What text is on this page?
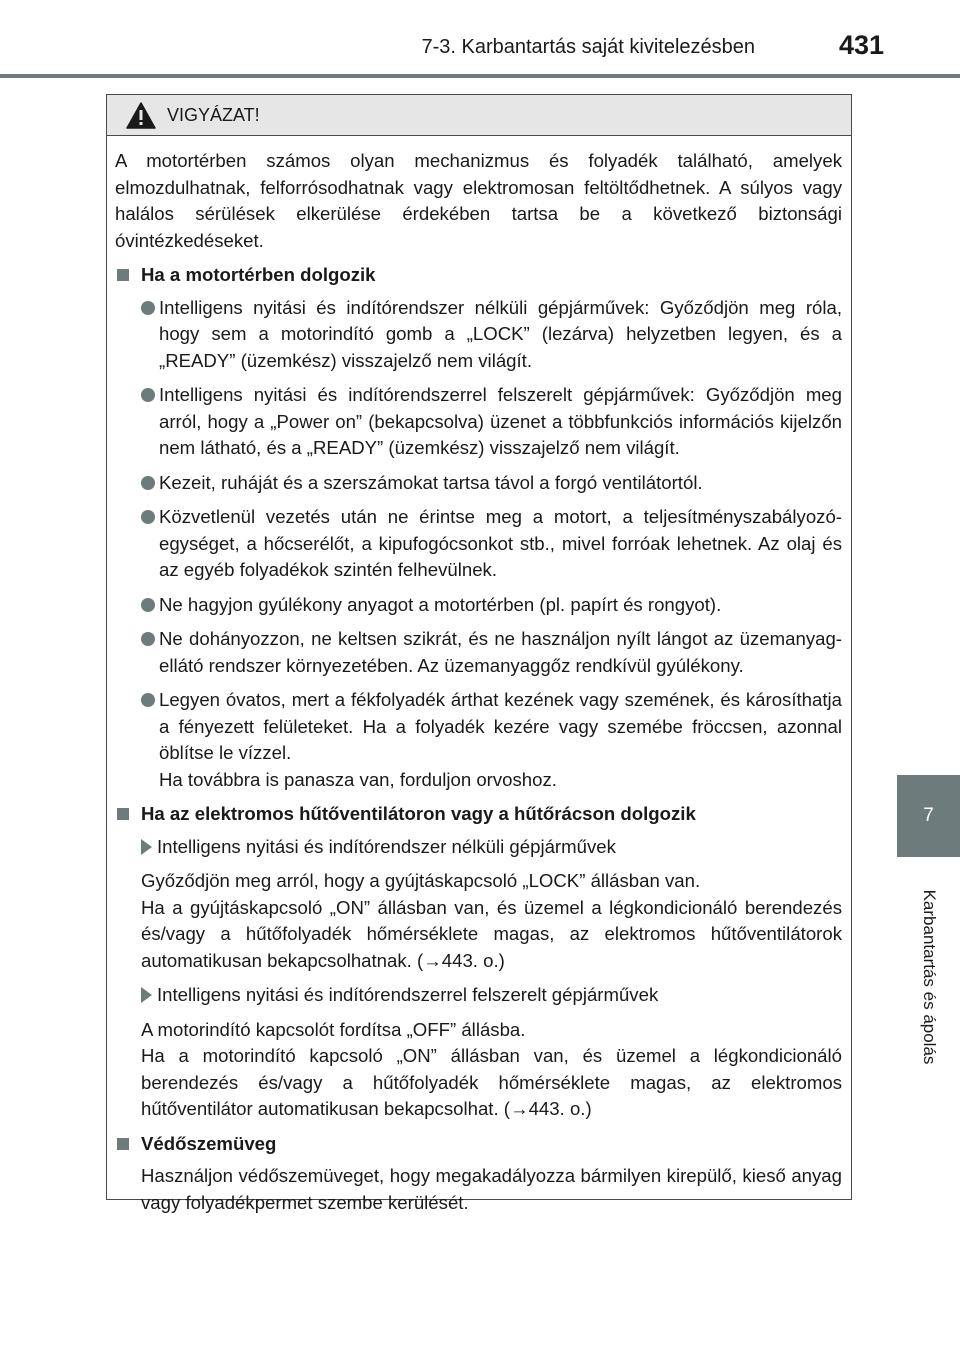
7-3. Karbantartás saját kivitelezésben	431
7
Karbantartás és ápolás
VIGYÁZAT!

A motortérben számos olyan mechanizmus és folyadék található, amelyek elmozdulhatnak, felforrósodhatnak vagy elektromosan feltöltődhetnek. A súlyos vagy halálos sérülések elkerülése érdekében tartsa be a következő biztonsági óvintézkedéseket.

Ha a motortérben dolgozik

Intelligens nyitási és indítórendszer nélküli gépjárművek: Győződjön meg róla, hogy sem a motorindító gomb a „LOCK” (lezárva) helyzetben legyen, és a „READY” (üzemkész) visszajelző nem világít.

Intelligens nyitási és indítórendszerrel felszerelt gépjárművek: Győződjön meg arról, hogy a „Power on” (bekapcsolva) üzenet a többfunkciós információs kijelzőn nem látható, és a „READY” (üzemkész) visszajelző nem világít.

Kezeit, ruháját és a szerszámokat tartsa távol a forgó ventilátortól.

Közvetlenül vezetés után ne érintse meg a motort, a teljesítményszabályozó-egységet, a hőcserélőt, a kipufogócsonkot stb., mivel forróak lehetnek. Az olaj és az egyéb folyadékok szintén felhevülnek.

Ne hagyjon gyúlékony anyagot a motortérben (pl. papírt és rongyot).

Ne dohányozzon, ne keltsen szikrát, és ne használjon nyílt lángot az üzemanyag-ellátó rendszer környezetében. Az üzemanyaggőz rendkívül gyúlékony.

Legyen óvatos, mert a fékfolyadék árthat kezének vagy szemének, és károsíthatja a fényezett felületeket. Ha a folyadék kezére vagy szemébe fröccsen, azonnal öblítse le vízzel.

Ha továbbra is panasza van, forduljon orvoshoz.

Ha az elektromos hűtőventilátoron vagy a hűtőrácson dolgozik

Intelligens nyitási és indítórendszer nélküli gépjárművek

Győződjön meg arról, hogy a gyújtáskapcsoló „LOCK” állásban van.

Ha a gyújtáskapcsoló „ON” állásban van, és üzemel a légkondicionáló berendezés és/vagy a hűtőfolyadék hőmérséklete magas, az elektromos hűtőventilátorok automatikusan bekapcsolhatnak. (→443. o.)

Intelligens nyitási és indítórendszerrel felszerelt gépjárművek

A motorindító kapcsolót fordítsa „OFF” állásba.

Ha a motorindító kapcsoló „ON” állásban van, és üzemel a légkondicionáló berendezés és/vagy a hűtőfolyadék hőmérséklete magas, az elektromos hűtőventilátor automatikusan bekapcsolhat. (→443. o.)

Védőszemüveg

Használjon védőszemüveget, hogy megakadályozza bármilyen kirepülő, kieső anyag vagy folyadékpermet szembe kerülését.
